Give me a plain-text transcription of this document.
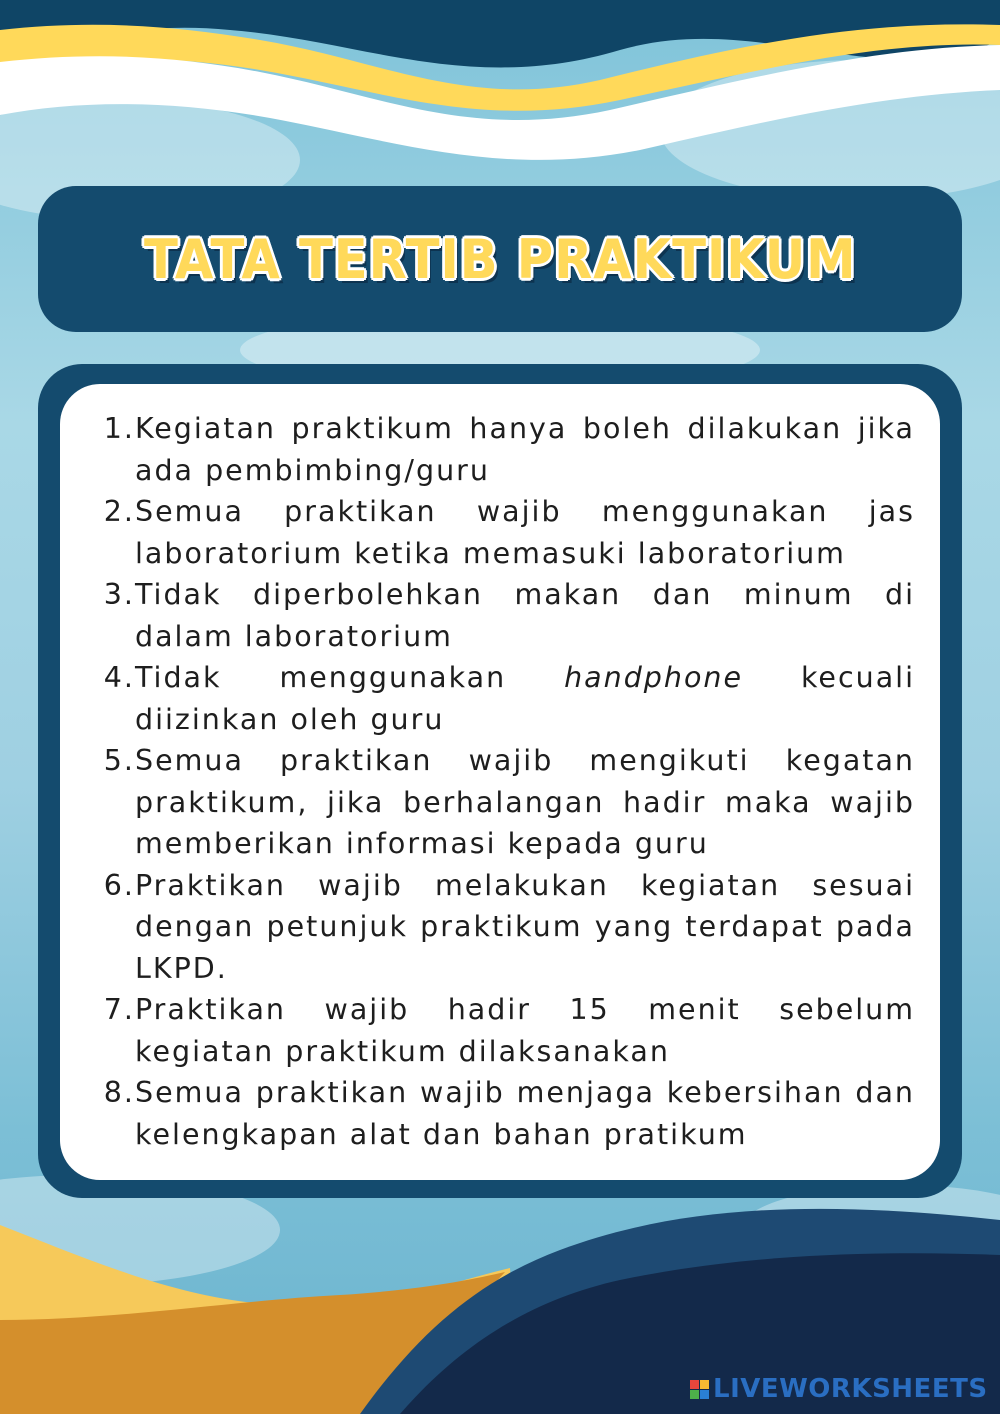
TATA TERTIB PRAKTIKUM
1. Kegiatan praktikum hanya boleh dilakukan jika ada pembimbing/guru
2. Semua praktikan wajib menggunakan jas laboratorium ketika memasuki laboratorium
3. Tidak diperbolehkan makan dan minum di dalam laboratorium
4. Tidak menggunakan handphone kecuali diizinkan oleh guru
5. Semua praktikan wajib mengikuti kegatan praktikum, jika berhalangan hadir maka wajib memberikan informasi kepada guru
6. Praktikan wajib melakukan kegiatan sesuai dengan petunjuk praktikum yang terdapat pada LKPD.
7. Praktikan wajib hadir 15 menit sebelum kegiatan praktikum dilaksanakan
8. Semua praktikan wajib menjaga kebersihan dan kelengkapan alat dan bahan pratikum
LIVEWORKSHEETS
